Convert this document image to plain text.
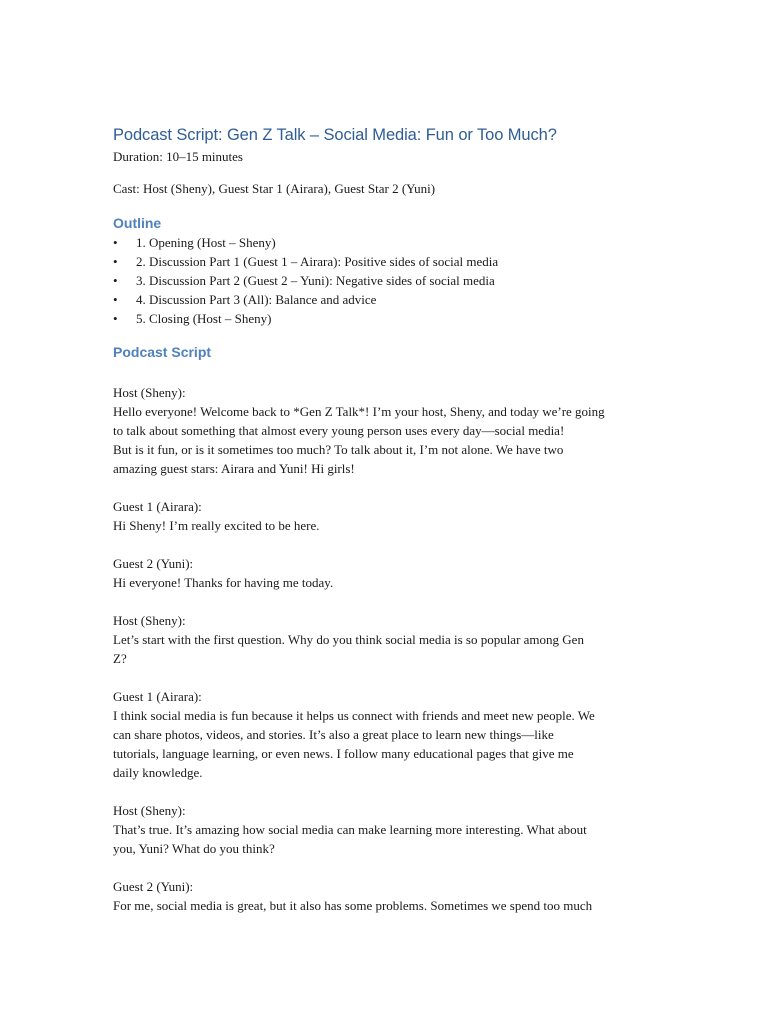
Podcast Script: Gen Z Talk – Social Media: Fun or Too Much?

Duration: 10–15 minutes

Cast: Host (Sheny), Guest Star 1 (Airara), Guest Star 2 (Yuni)

Outline
• 1. Opening (Host – Sheny)
• 2. Discussion Part 1 (Guest 1 – Airara): Positive sides of social media
• 3. Discussion Part 2 (Guest 2 – Yuni): Negative sides of social media
• 4. Discussion Part 3 (All): Balance and advice
• 5. Closing (Host – Sheny)
Podcast Script

Host (Sheny):

Hello everyone! Welcome back to *Gen Z Talk*! I’m your host, Sheny, and today we’re going

to talk about something that almost every young person uses every day—social media!

But is it fun, or is it sometimes too much? To talk about it, I’m not alone. We have two

amazing guest stars: Airara and Yuni! Hi girls!

Guest 1 (Airara):

Hi Sheny! I’m really excited to be here.

Guest 2 (Yuni):

Hi everyone! Thanks for having me today.

Host (Sheny):

Let’s start with the first question. Why do you think social media is so popular among Gen

Z?

Guest 1 (Airara):

I think social media is fun because it helps us connect with friends and meet new people. We

can share photos, videos, and stories. It’s also a great place to learn new things—like

tutorials, language learning, or even news. I follow many educational pages that give me

daily knowledge.

Host (Sheny):

That’s true. It’s amazing how social media can make learning more interesting. What about

you, Yuni? What do you think?

Guest 2 (Yuni):

For me, social media is great, but it also has some problems. Sometimes we spend too much
